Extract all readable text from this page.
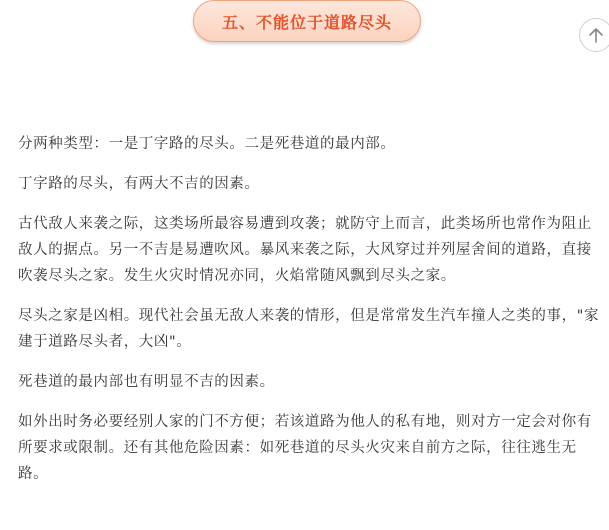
五、不能位于道路尽头

分两种类型：一是丁字路的尽头。二是死巷道的最内部。

丁字路的尽头，有两大不吉的因素。

古代敌人来袭之际，这类场所最容易遭到攻袭；就防守上而言，此类场所也常作为阻止敌人的据点。另一不吉是易遭吹风。暴风来袭之际，大风穿过并列屋舍间的道路，直接吹袭尽头之家。发生火灾时情况亦同，火焰常随风飘到尽头之家。

尽头之家是凶相。现代社会虽无敌人来袭的情形，但是常常发生汽车撞人之类的事，"家建于道路尽头者，大凶"。

死巷道的最内部也有明显不吉的因素。

如外出时务必要经别人家的门不方便；若该道路为他人的私有地，则对方一定会对你有所要求或限制。还有其他危险因素：如死巷道的尽头火灾来自前方之际，往往逃生无路。
